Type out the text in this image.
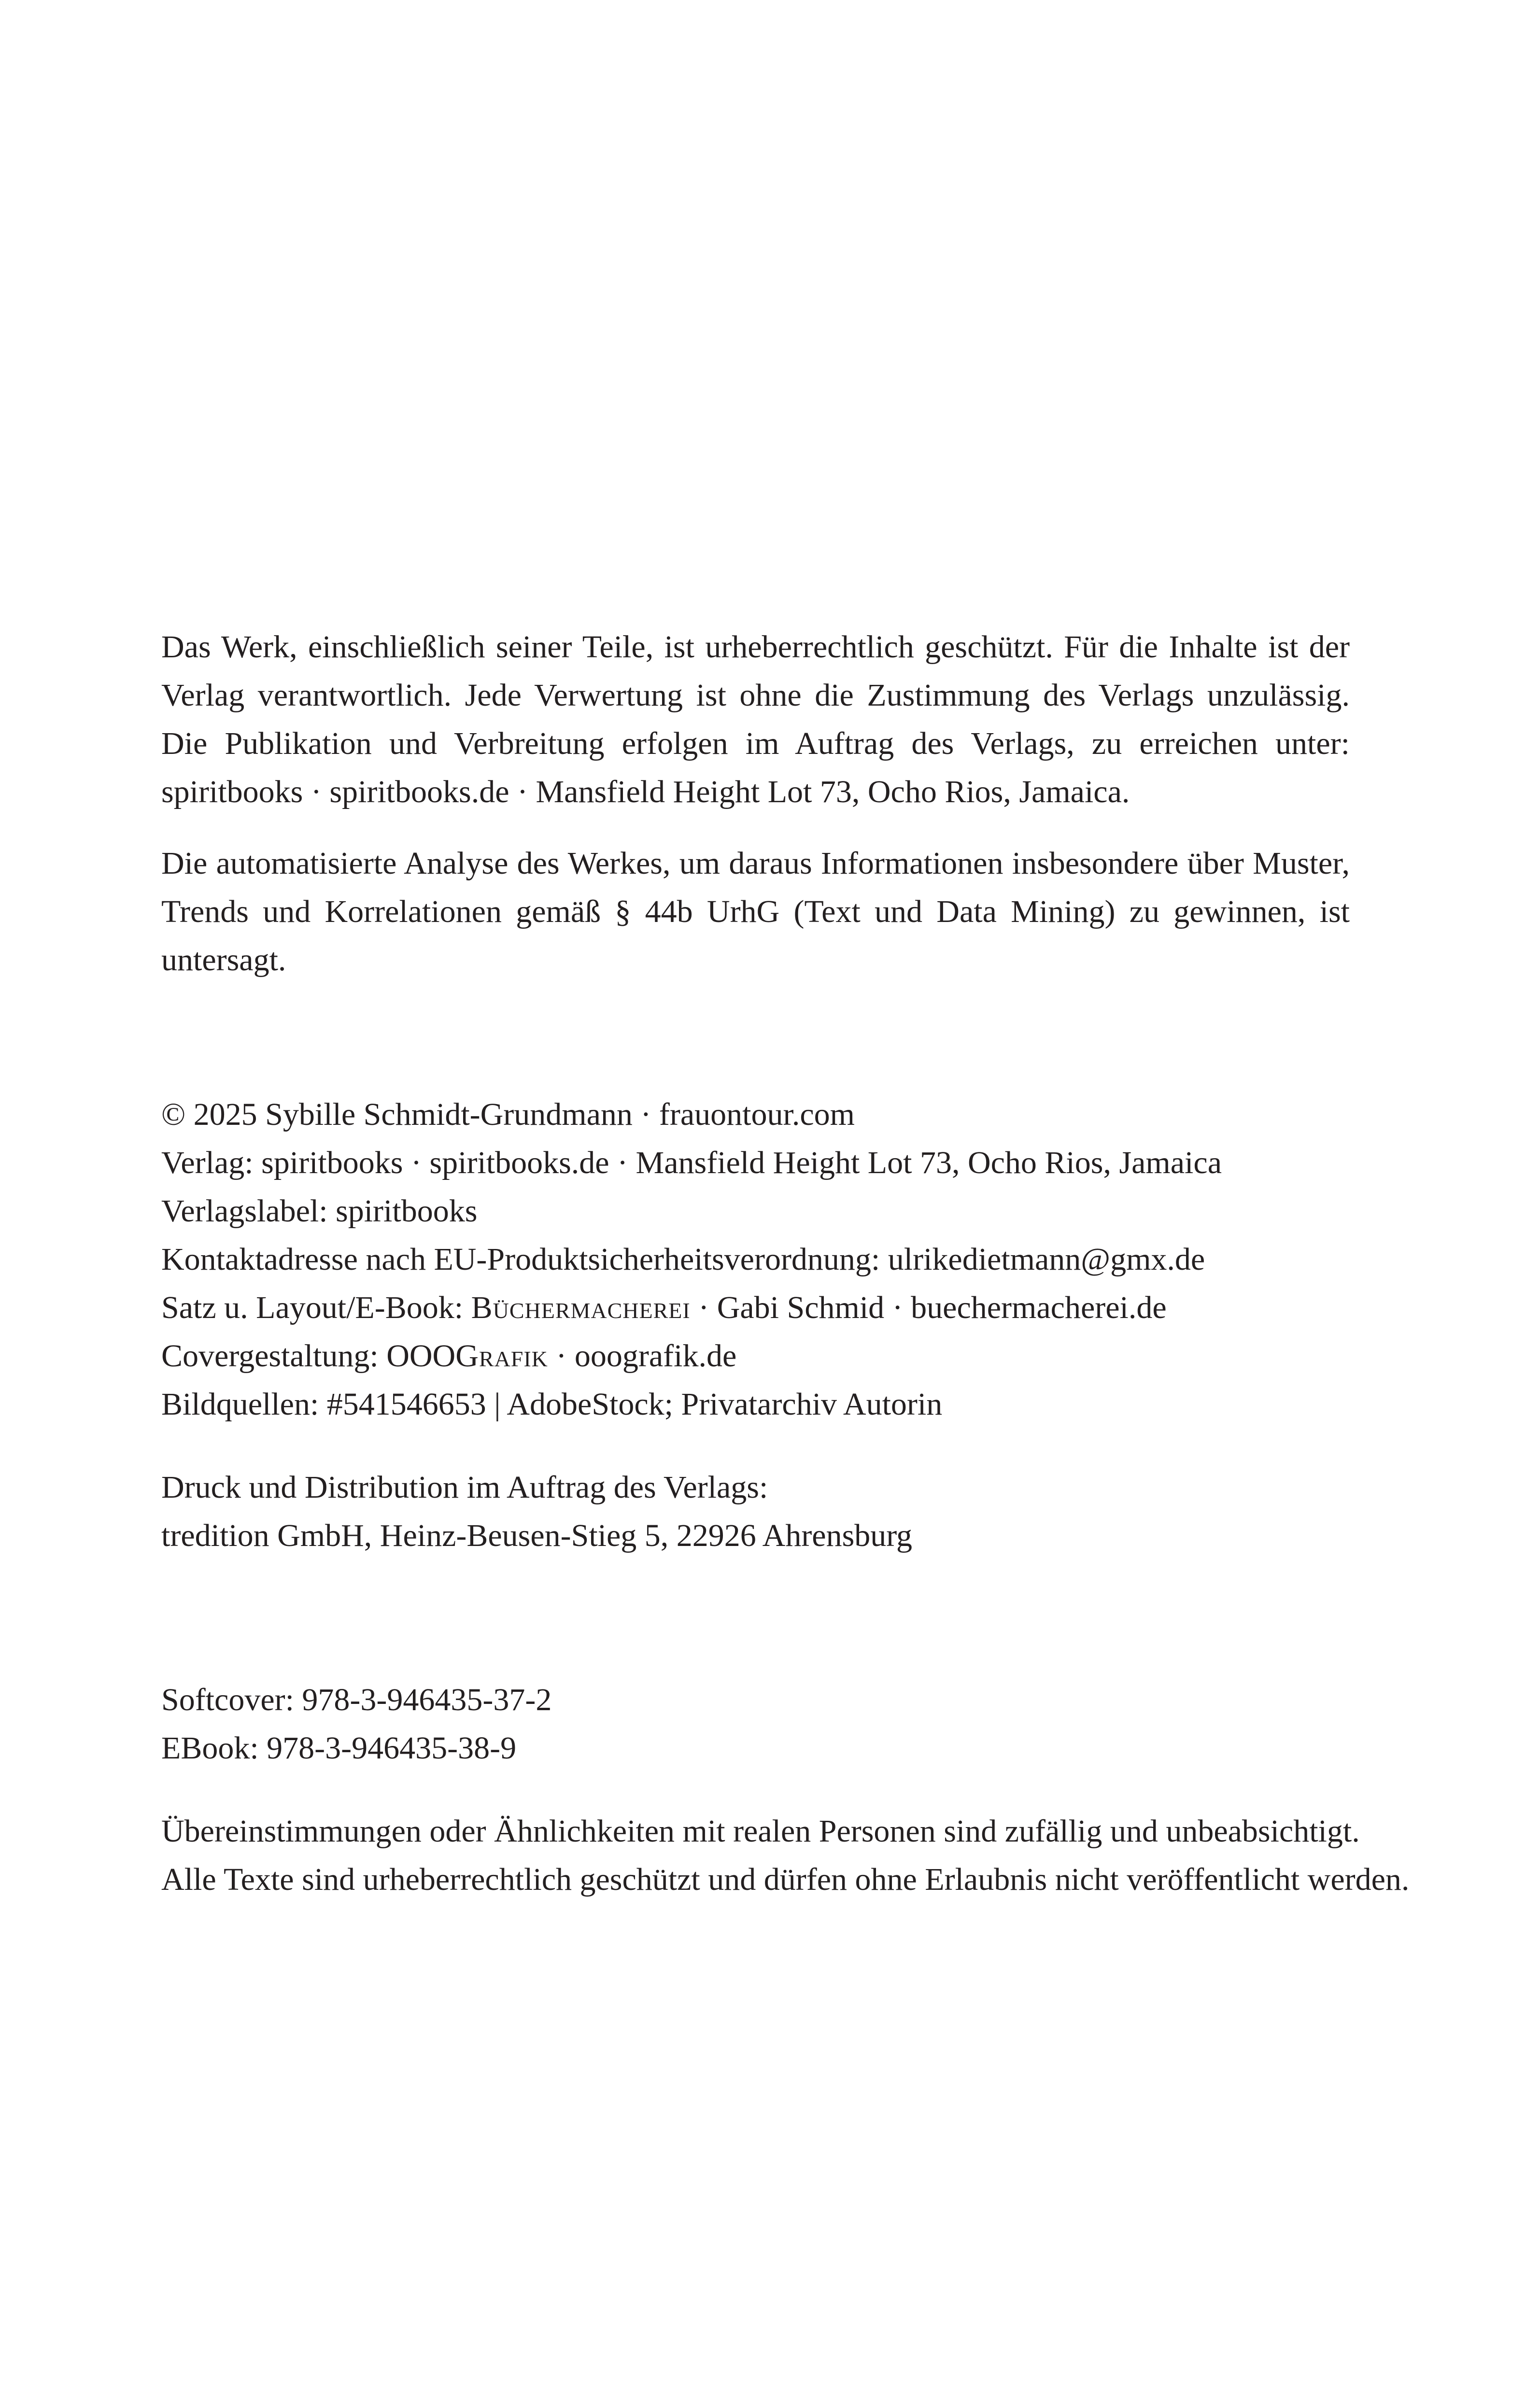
Das Werk, einschließlich seiner Teile, ist urheberrechtlich geschützt. Für die Inhalte ist der Verlag verantwortlich. Jede Verwertung ist ohne die Zustimmung des Verlags unzulässig. Die Publikation und Verbreitung erfolgen im Auftrag des Verlags, zu erreichen unter: spiritbooks · spiritbooks.de · Mansfield Height Lot 73, Ocho Rios, Jamaica.

Die automatisierte Analyse des Werkes, um daraus Informationen insbesondere über Muster, Trends und Korrelationen gemäß § 44b UrhG (Text und Data Mining) zu gewinnen, ist untersagt.

© 2025 Sybille Schmidt-Grundmann · frauontour.com

Verlag: spiritbooks · spiritbooks.de · Mansfield Height Lot 73, Ocho Rios, Jamaica

Verlagslabel: spiritbooks

Kontaktadresse nach EU-Produktsicherheitsverordnung: ulrikedietmann@gmx.de

Satz u. Layout/E-Book: Büchermacherei · Gabi Schmid · buechermacherei.de

Covergestaltung: OOOGrafik · ooografik.de

Bildquellen: #541546653 | AdobeStock; Privatarchiv Autorin

Druck und Distribution im Auftrag des Verlags:

tredition GmbH, Heinz-Beusen-Stieg 5, 22926 Ahrensburg

Softcover: 978-3-946435-37-2

EBook: 978-3-946435-38-9

Übereinstimmungen oder Ähnlichkeiten mit realen Personen sind zufällig und unbeabsichtigt.

Alle Texte sind urheberrechtlich geschützt und dürfen ohne Erlaubnis nicht veröffentlicht werden.
